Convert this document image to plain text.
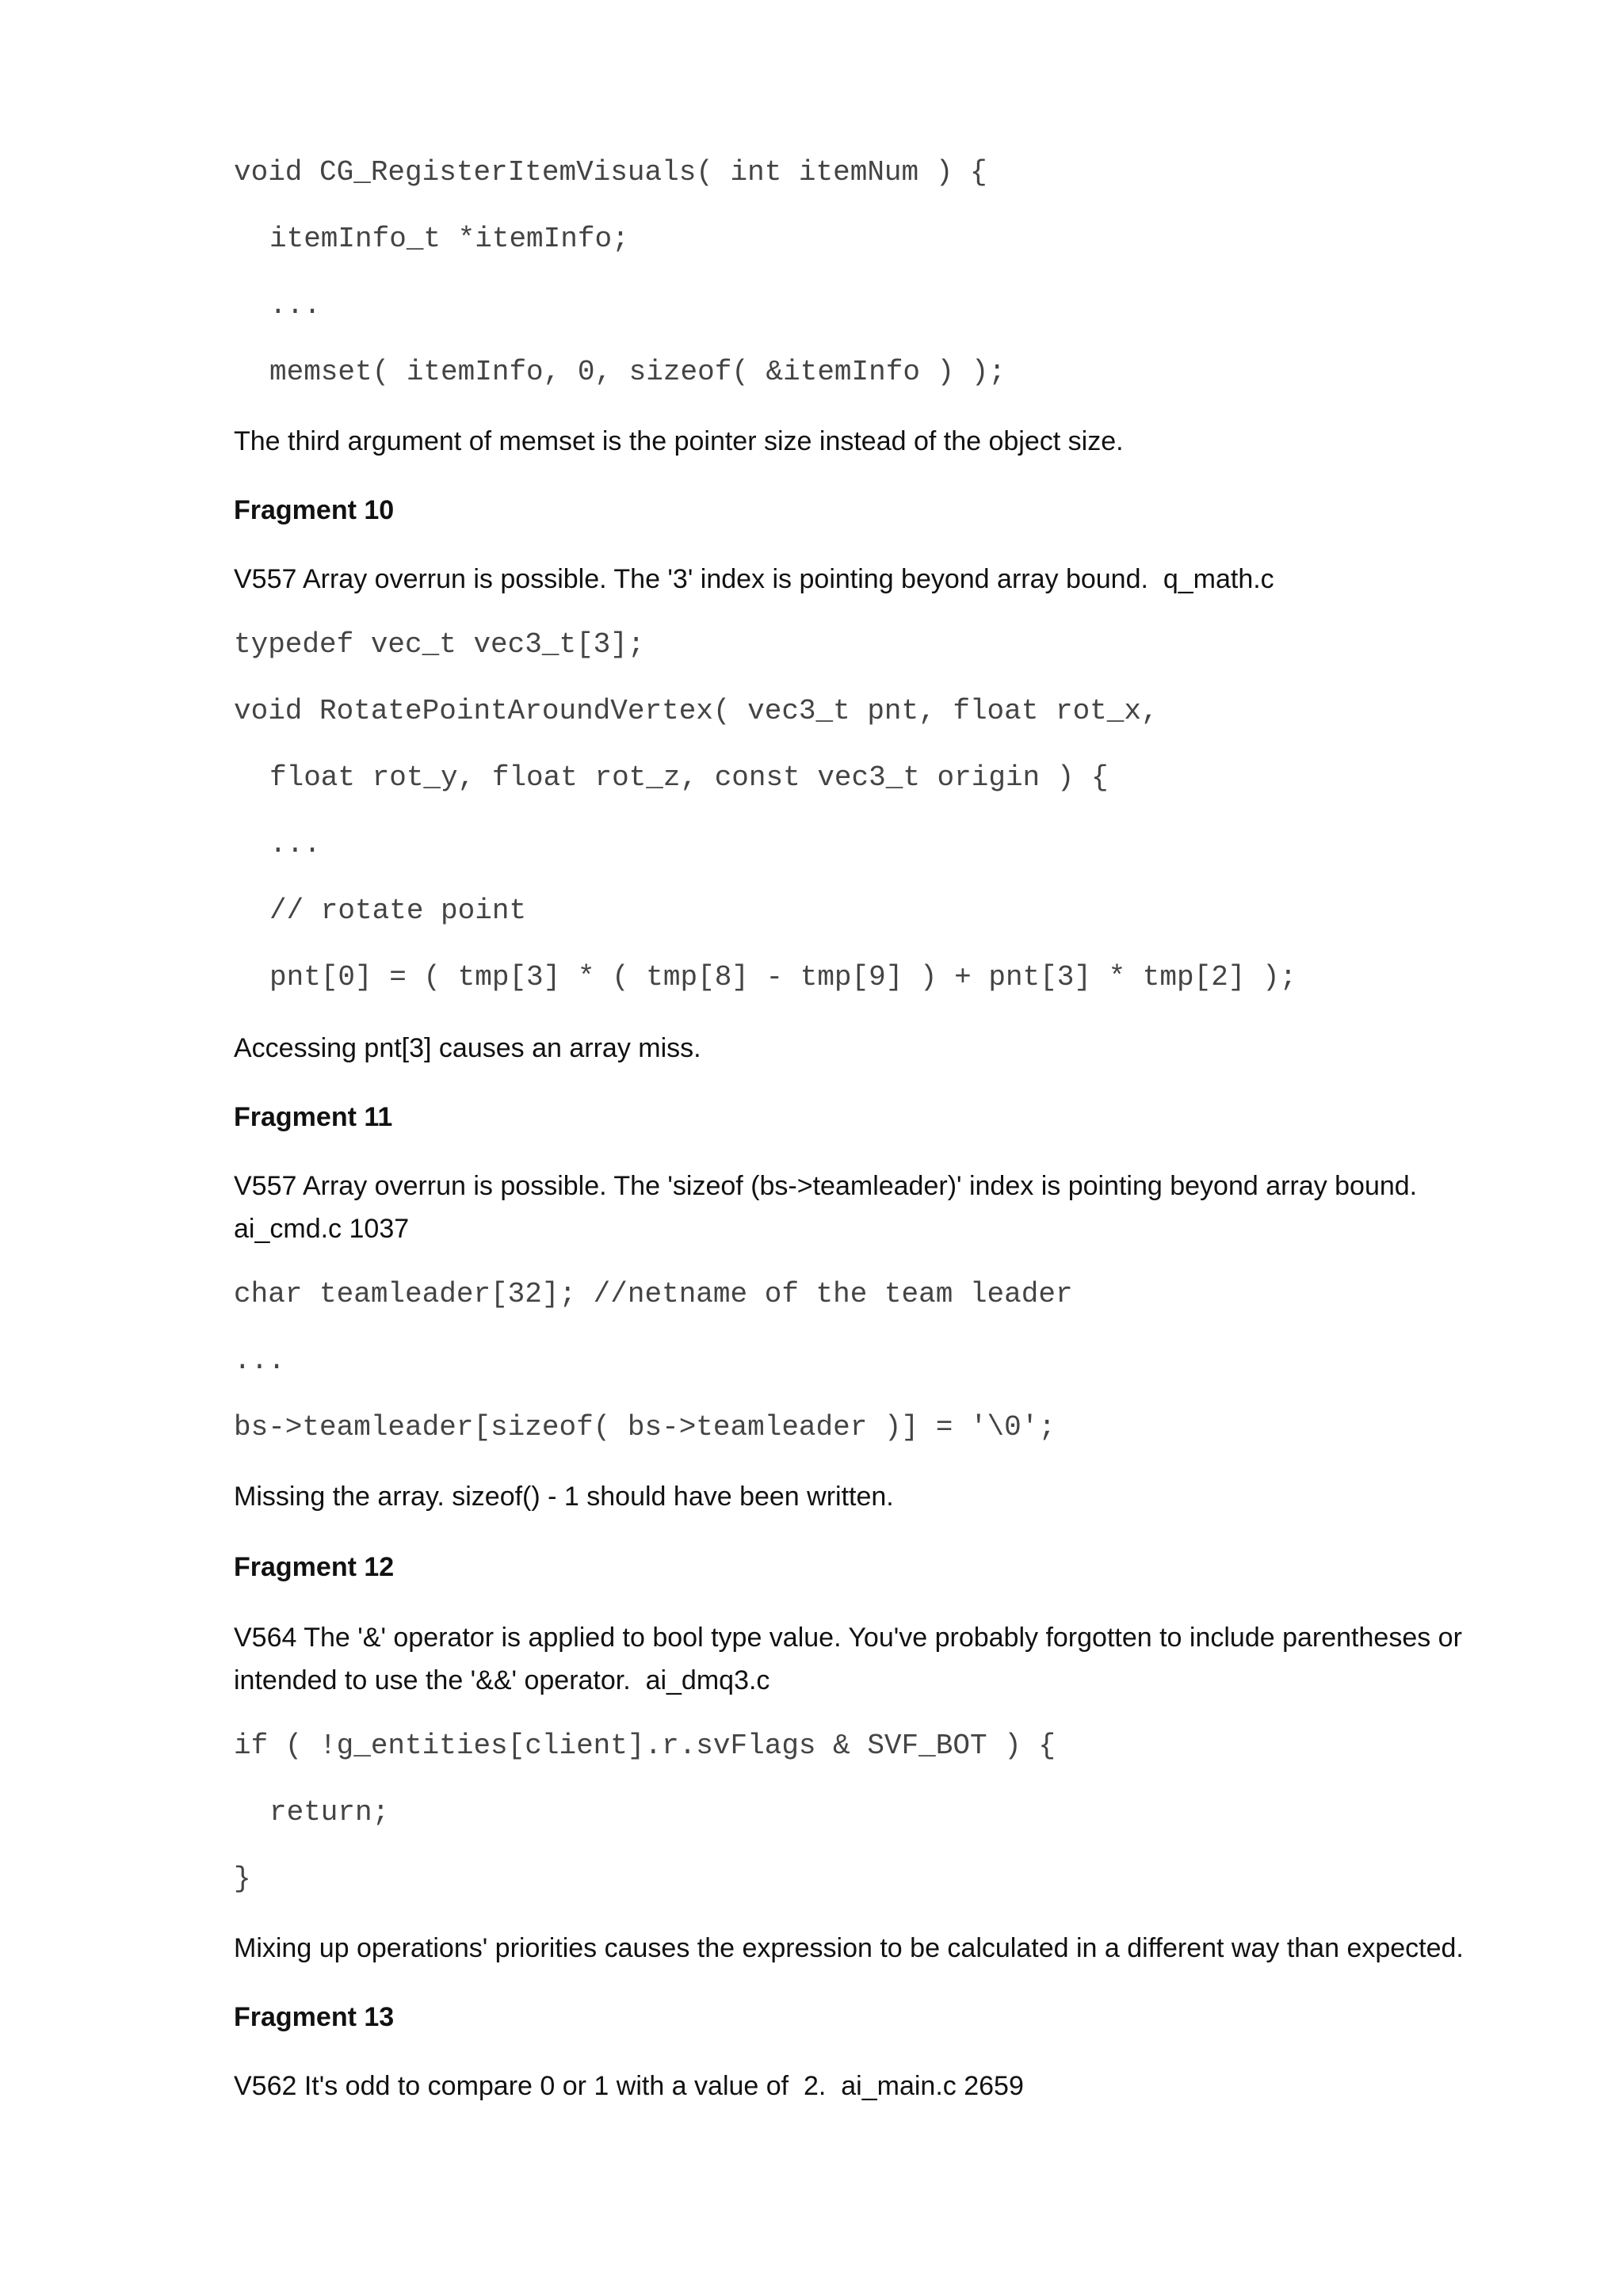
void CG_RegisterItemVisuals( int itemNum ) {
itemInfo_t *itemInfo;
...
memset( itemInfo, 0, sizeof( &itemInfo ) );
The third argument of memset is the pointer size instead of the object size.
Fragment 10
V557 Array overrun is possible. The '3' index is pointing beyond array bound.  q_math.c
typedef vec_t vec3_t[3];
void RotatePointAroundVertex( vec3_t pnt, float rot_x,
float rot_y, float rot_z, const vec3_t origin ) {
...
// rotate point
pnt[0] = ( tmp[3] * ( tmp[8] - tmp[9] ) + pnt[3] * tmp[2] );
Accessing pnt[3] causes an array miss.
Fragment 11
V557 Array overrun is possible. The 'sizeof (bs->teamleader)' index is pointing beyond array bound.
ai_cmd.c 1037
char teamleader[32]; //netname of the team leader
...
bs->teamleader[sizeof( bs->teamleader )] = '\0';
Missing the array. sizeof() - 1 should have been written.
Fragment 12
V564 The '&' operator is applied to bool type value. You've probably forgotten to include parentheses or
intended to use the '&&' operator.  ai_dmq3.c
if ( !g_entities[client].r.svFlags & SVF_BOT ) {
return;
}
Mixing up operations' priorities causes the expression to be calculated in a different way than expected.
Fragment 13
V562 It's odd to compare 0 or 1 with a value of  2.  ai_main.c 2659
